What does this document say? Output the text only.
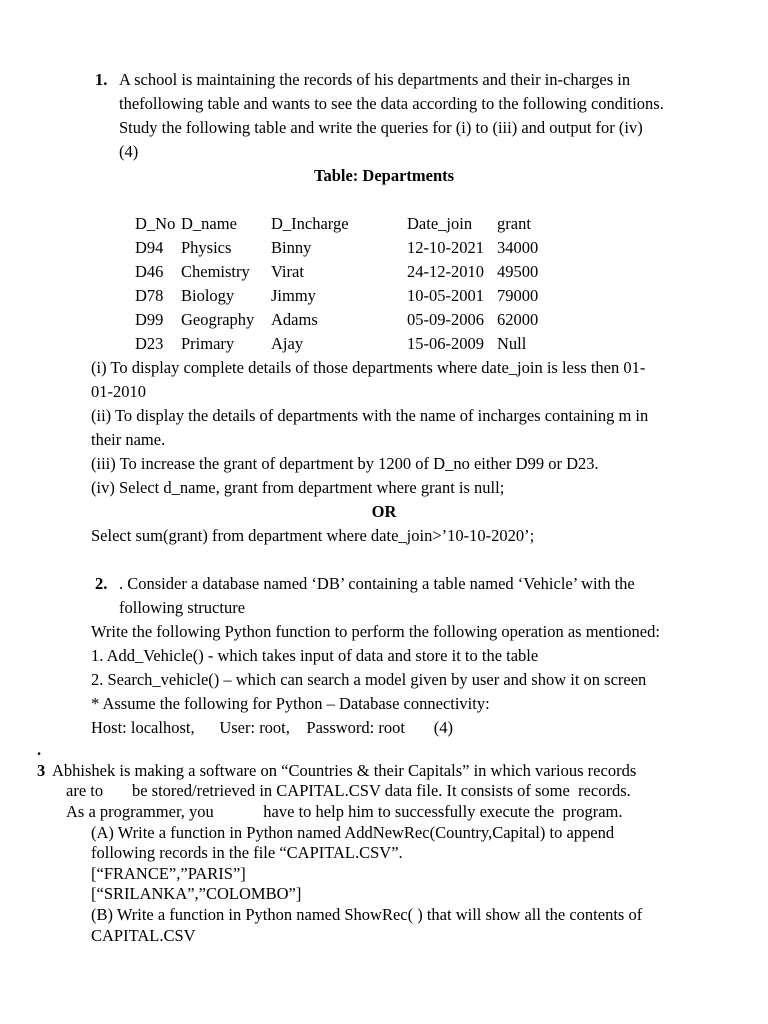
1. A school is maintaining the records of his departments and their in-charges in
thefollowing table and wants to see the data according to the following conditions.
Study the following table and write the queries for (i) to (iii) and output for (iv)
(4)
Table: Departments
D_No	D_name	D_Incharge	Date_join	grant
D94	Physics	Binny	12-10-2021	34000
D46	Chemistry	Virat	24-12-2010	49500
D78	Biology	Jimmy	10-05-2001	79000
D99	Geography	Adams	05-09-2006	62000
D23	Primary	Ajay	15-06-2009	Null
(i) To display complete details of those departments where date_join is less then 01-
01-2010
(ii) To display the details of departments with the name of incharges containing m in
their name.
(iii) To increase the grant of department by 1200 of D_no either D99 or D23.
(iv) Select d_name, grant from department where grant is null;
OR
Select sum(grant) from department where date_join>’10-10-2020’;
2. . Consider a database named ‘DB’ containing a table named ‘Vehicle’ with the
following structure
Write the following Python function to perform the following operation as mentioned:
1. Add_Vehicle() - which takes input of data and store it to the table
2. Search_vehicle() – which can search a model given by user and show it on screen
* Assume the following for Python – Database connectivity:
Host: localhost,      User: root,    Password: root       (4)
.
3 Abhishek is making a software on “Countries & their Capitals” in which various records
are to       be stored/retrieved in CAPITAL.CSV data file. It consists of some  records.
As a programmer, you            have to help him to successfully execute the  program.
(A) Write a function in Python named AddNewRec(Country,Capital) to append
following records in the file “CAPITAL.CSV”.
[“FRANCE”,”PARIS”]
[“SRILANKA”,”COLOMBO”]
(B) Write a function in Python named ShowRec( ) that will show all the contents of
CAPITAL.CSV
